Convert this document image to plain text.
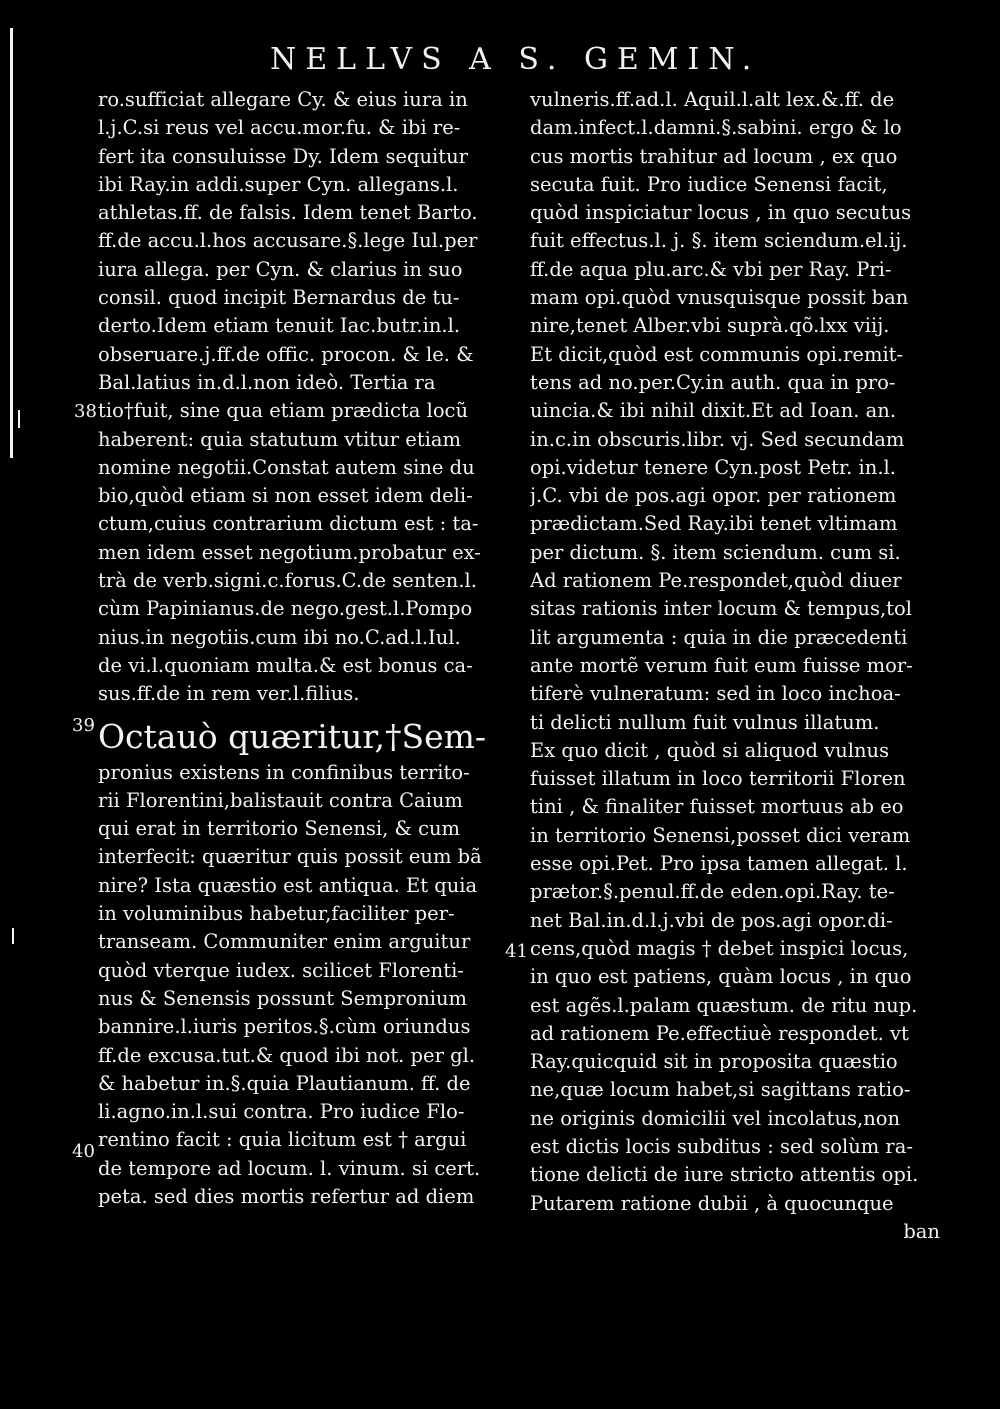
NELLVS A S. GEMIN.
38
39
40
41
ro.sufficiat allegare Cy. & eius iura in
l.j.C.si reus vel accu.mor.fu. & ibi re-
fert ita consuluisse Dy. Idem sequitur
ibi Ray.in addi.super Cyn. allegans.l.
athletas.ff. de falsis. Idem tenet Barto.
ff.de accu.l.hos accusare.§.lege Iul.per
iura allega. per Cyn. & clarius in suo
consil. quod incipit Bernardus de tu-
derto.Idem etiam tenuit Iac.butr.in.l.
obseruare.j.ff.de offic. procon. & le. &
Bal.latius in.d.l.non ideò. Tertia ra
tio†fuit, sine qua etiam prædicta locũ
haberent: quia statutum vtitur etiam
nomine negotii.Constat autem sine du
bio,quòd etiam si non esset idem deli-
ctum,cuius contrarium dictum est : ta-
men idem esset negotium.probatur ex-
trà de verb.signi.c.forus.C.de senten.l.
cùm Papinianus.de nego.gest.l.Pompo
nius.in negotiis.cum ibi no.C.ad.l.Iul.
de vi.l.quoniam multa.& est bonus ca-
sus.ff.de in rem ver.l.filius.
Octauò quæritur,†Sem-
pronius existens in confinibus territo-
rii Florentini,balistauit contra Caium
qui erat in territorio Senensi, & cum
interfecit: quæritur quis possit eum bã
nire? Ista quæstio est antiqua. Et quia
in voluminibus habetur,faciliter per-
transeam. Communiter enim arguitur
quòd vterque iudex. scilicet Florenti-
nus & Senensis possunt Sempronium
bannire.l.iuris peritos.§.cùm oriundus
ff.de excusa.tut.& quod ibi not. per gl.
& habetur in.§.quia Plautianum. ff. de
li.agno.in.l.sui contra. Pro iudice Flo-
rentino facit : quia licitum est † argui
de tempore ad locum. l. vinum. si cert.
peta. sed dies mortis refertur ad diem
vulneris.ff.ad.l. Aquil.l.alt lex.&.ff. de
dam.infect.l.damni.§.sabini. ergo & lo
cus mortis trahitur ad locum , ex quo
secuta fuit. Pro iudice Senensi facit,
quòd inspiciatur locus , in quo secutus
fuit effectus.l. j. §. item sciendum.el.ij.
ff.de aqua plu.arc.& vbi per Ray. Pri-
mam opi.quòd vnusquisque possit ban
nire,tenet Alber.vbi suprà.qõ.lxx viij.
Et dicit,quòd est communis opi.remit-
tens ad no.per.Cy.in auth. qua in pro-
uincia.& ibi nihil dixit.Et ad Ioan. an.
in.c.in obscuris.libr. vj. Sed secundam
opi.videtur tenere Cyn.post Petr. in.l.
j.C. vbi de pos.agi opor. per rationem
prædictam.Sed Ray.ibi tenet vltimam
per dictum. §. item sciendum. cum si.
Ad rationem Pe.respondet,quòd diuer
sitas rationis inter locum & tempus,tol
lit argumenta : quia in die præcedenti
ante mortẽ verum fuit eum fuisse mor-
tiferè vulneratum: sed in loco inchoa-
ti delicti nullum fuit vulnus illatum.
Ex quo dicit , quòd si aliquod vulnus
fuisset illatum in loco territorii Floren
tini , & finaliter fuisset mortuus ab eo
in territorio Senensi,posset dici veram
esse opi.Pet. Pro ipsa tamen allegat. l.
prætor.§.penul.ff.de eden.opi.Ray. te-
net Bal.in.d.l.j.vbi de pos.agi opor.di-
cens,quòd magis † debet inspici locus,
in quo est patiens, quàm locus , in quo
est agẽs.l.palam quæstum. de ritu nup.
ad rationem Pe.effectiuè respondet. vt
Ray.quicquid sit in proposita quæstio
ne,quæ locum habet,si sagittans ratio-
ne originis domicilii vel incolatus,non
est dictis locis subditus : sed solùm ra-
tione delicti de iure stricto attentis opi.
Putarem ratione dubii , à quocunque
ban
